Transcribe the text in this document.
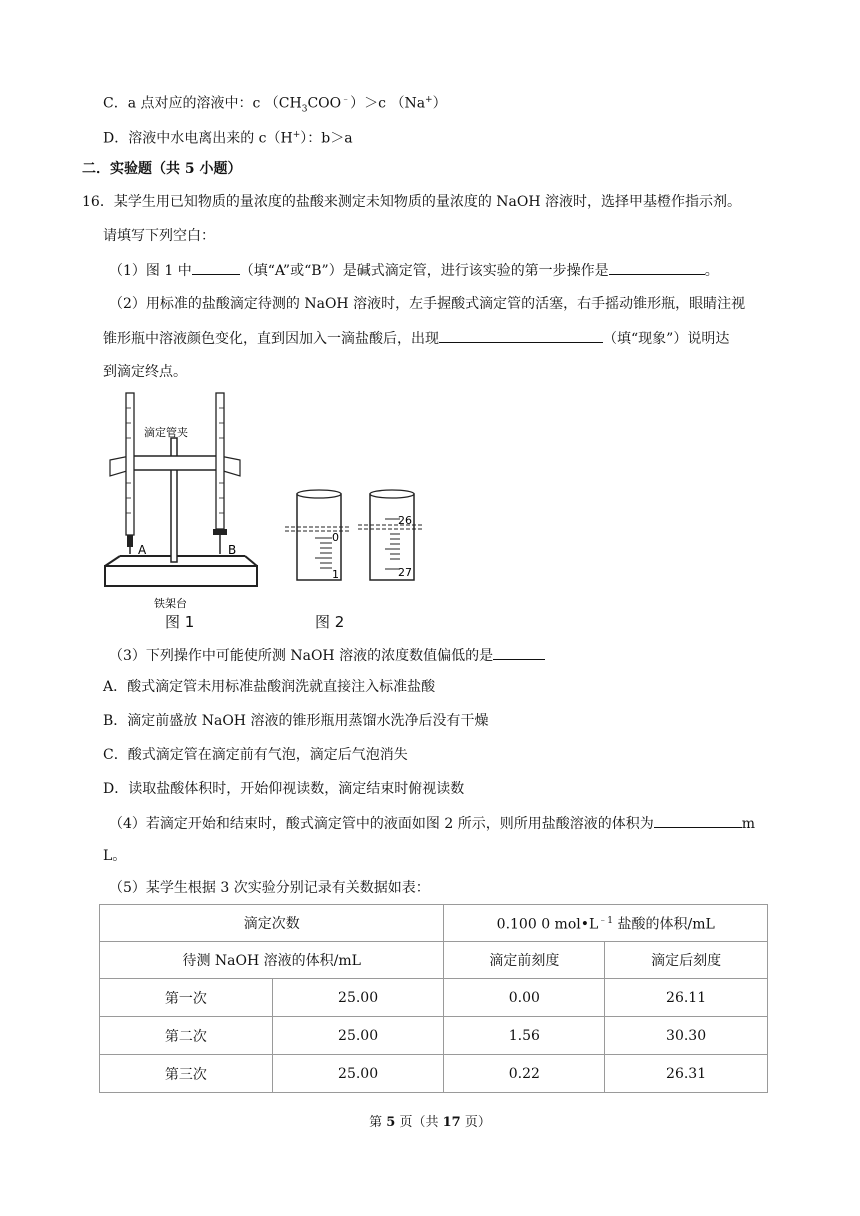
C．a 点对应的溶液中：c $(CH_3COO^﹣)>c$ （Na+）
D．溶液中水电离出来的 c（H+）：b＞a
二．实验题（共 5 小题）
16．某学生用已知物质的量浓度的盐酸来测定未知物质的量浓度的 NaOH 溶液时，选择甲基橙作指示剂。
请填写下列空白：
（1）图 1 中	（填“A”或“B”）是碱式滴定管，进行该实验的第一步操作是	。
（2）用标准的盐酸滴定待测的 NaOH 溶液时，左手握酸式滴定管的活塞，右手摇动锥形瓶，眼睛注视
锥形瓶中溶液颜色变化，直到因加入一滴盐酸后，出现	（填“现象”）说明达
到滴定终点。
滴定管夹
A	B
铁架台
0
1
26
27
图 1	图 2
（3）下列操作中可能使所测 NaOH 溶液的浓度数值偏低的是
A．酸式滴定管未用标准盐酸润洗就直接注入标准盐酸
B．滴定前盛放 NaOH 溶液的锥形瓶用蒸馏水洗净后没有干燥
C．酸式滴定管在滴定前有气泡，滴定后气泡消失
D．读取盐酸体积时，开始仰视读数，滴定结束时俯视读数
（4）若滴定开始和结束时，酸式滴定管中的液面如图 2 所示，则所用盐酸溶液的体积为	m
L。
（5）某学生根据 3 次实验分别记录有关数据如表：
滴定次数		0.100 0 $mol•L^{﹣1}$ 盐酸的体积/mL	
待测 NaOH 溶液的体积/mL		滴定前刻度	滴定后刻度
第一次	25.00	0.00	26.11
第二次	25.00	1.56	30.30
第三次	25.00	0.22	26.31
第 5 页（共 17 页）
